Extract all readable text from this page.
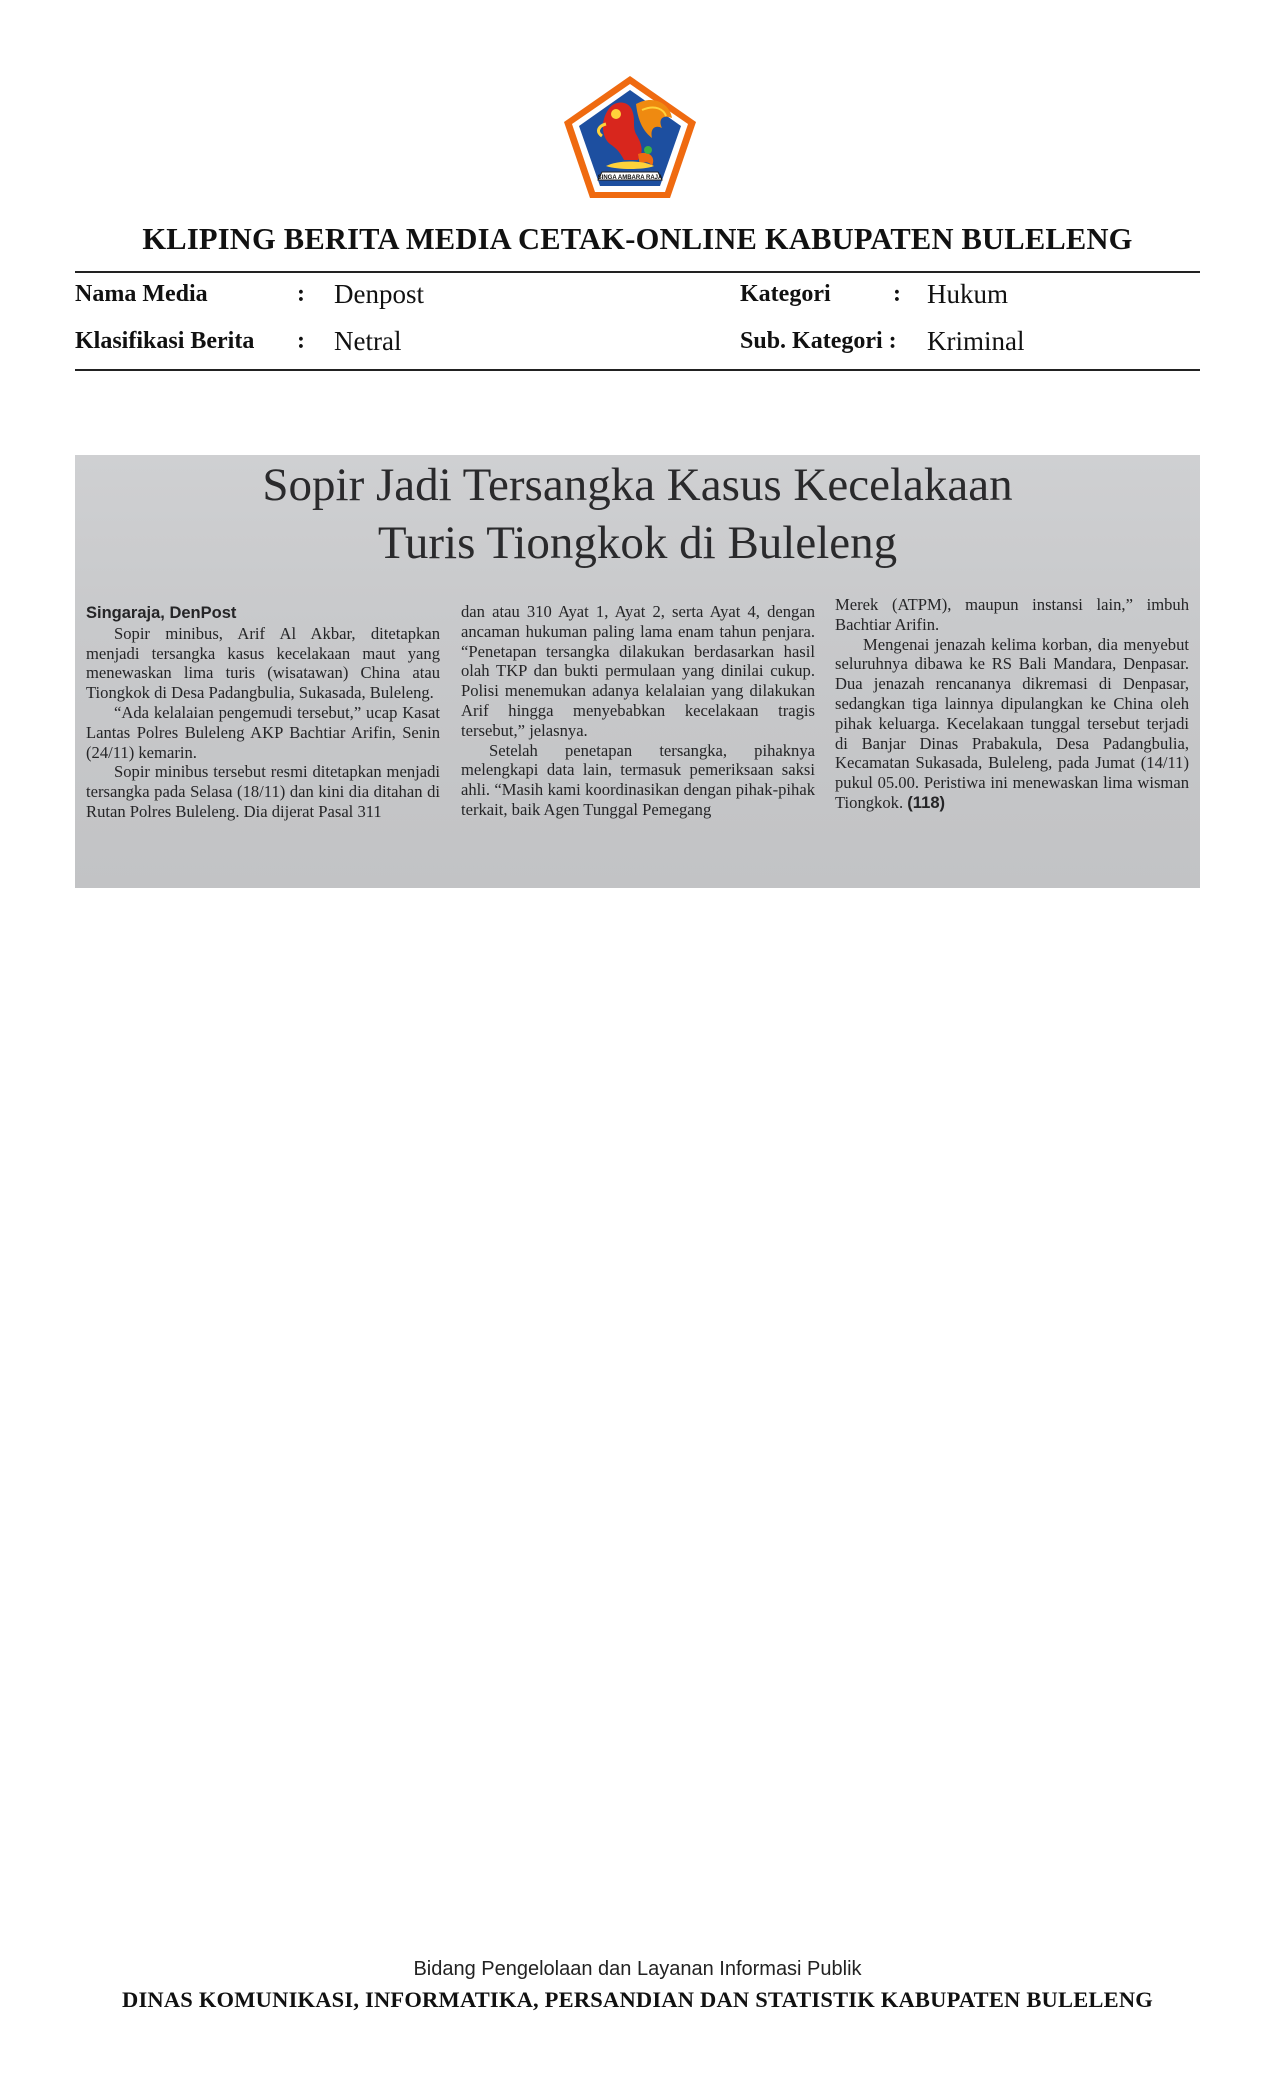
SINGA AMBARA RAJA
KLIPING BERITA MEDIA CETAK-ONLINE KABUPATEN BULELENG
Nama Media	: Denpost	Kategori	: Hukum
Klasifikasi Berita : Netral	Sub. Kategori : Kriminal
Sopir Jadi Tersangka Kasus Kecelakaan
Turis Tiongkok di Buleleng

Singaraja, DenPost

Sopir minibus, Arif Al Akbar, ditetapkan menjadi tersangka kasus kecelakaan maut yang menewaskan lima turis (wisatawan) China atau Tiongkok di Desa Padangbulia, Sukasada, Buleleng.

“Ada kelalaian pengemudi tersebut,” ucap Kasat Lantas Polres Buleleng AKP Bachtiar Arifin, Senin (24/11) kemarin.

Sopir minibus tersebut resmi ditetapkan menjadi tersangka pada Selasa (18/11) dan kini dia ditahan di Rutan Polres Buleleng. Dia dijerat Pasal 311

dan atau 310 Ayat 1, Ayat 2, serta Ayat 4, dengan ancaman hukuman paling lama enam tahun penjara. “Penetapan tersangka dilakukan berdasarkan hasil olah TKP dan bukti permulaan yang dinilai cukup. Polisi menemukan adanya kelalaian yang dilakukan Arif hingga menyebabkan kecelakaan tragis tersebut,” jelasnya.

Setelah penetapan tersangka, pihaknya melengkapi data lain, termasuk pemeriksaan saksi ahli. “Masih kami koordinasikan dengan pihak-pihak terkait, baik Agen Tunggal Pemegang

Merek (ATPM), maupun instansi lain,” imbuh Bachtiar Arifin.

Mengenai jenazah kelima korban, dia menyebut seluruhnya dibawa ke RS Bali Mandara, Denpasar. Dua jenazah rencananya dikremasi di Denpasar, sedangkan tiga lainnya dipulangkan ke China oleh pihak keluarga. Kecelakaan tunggal tersebut terjadi di Banjar Dinas Prabakula, Desa Padangbulia, Kecamatan Sukasada, Buleleng, pada Jumat (14/11) pukul 05.00. Peristiwa ini menewaskan lima wisman Tiongkok. (118)

Bidang Pengelolaan dan Layanan Informasi Publik
DINAS KOMUNIKASI, INFORMATIKA, PERSANDIAN DAN STATISTIK KABUPATEN BULELENG
